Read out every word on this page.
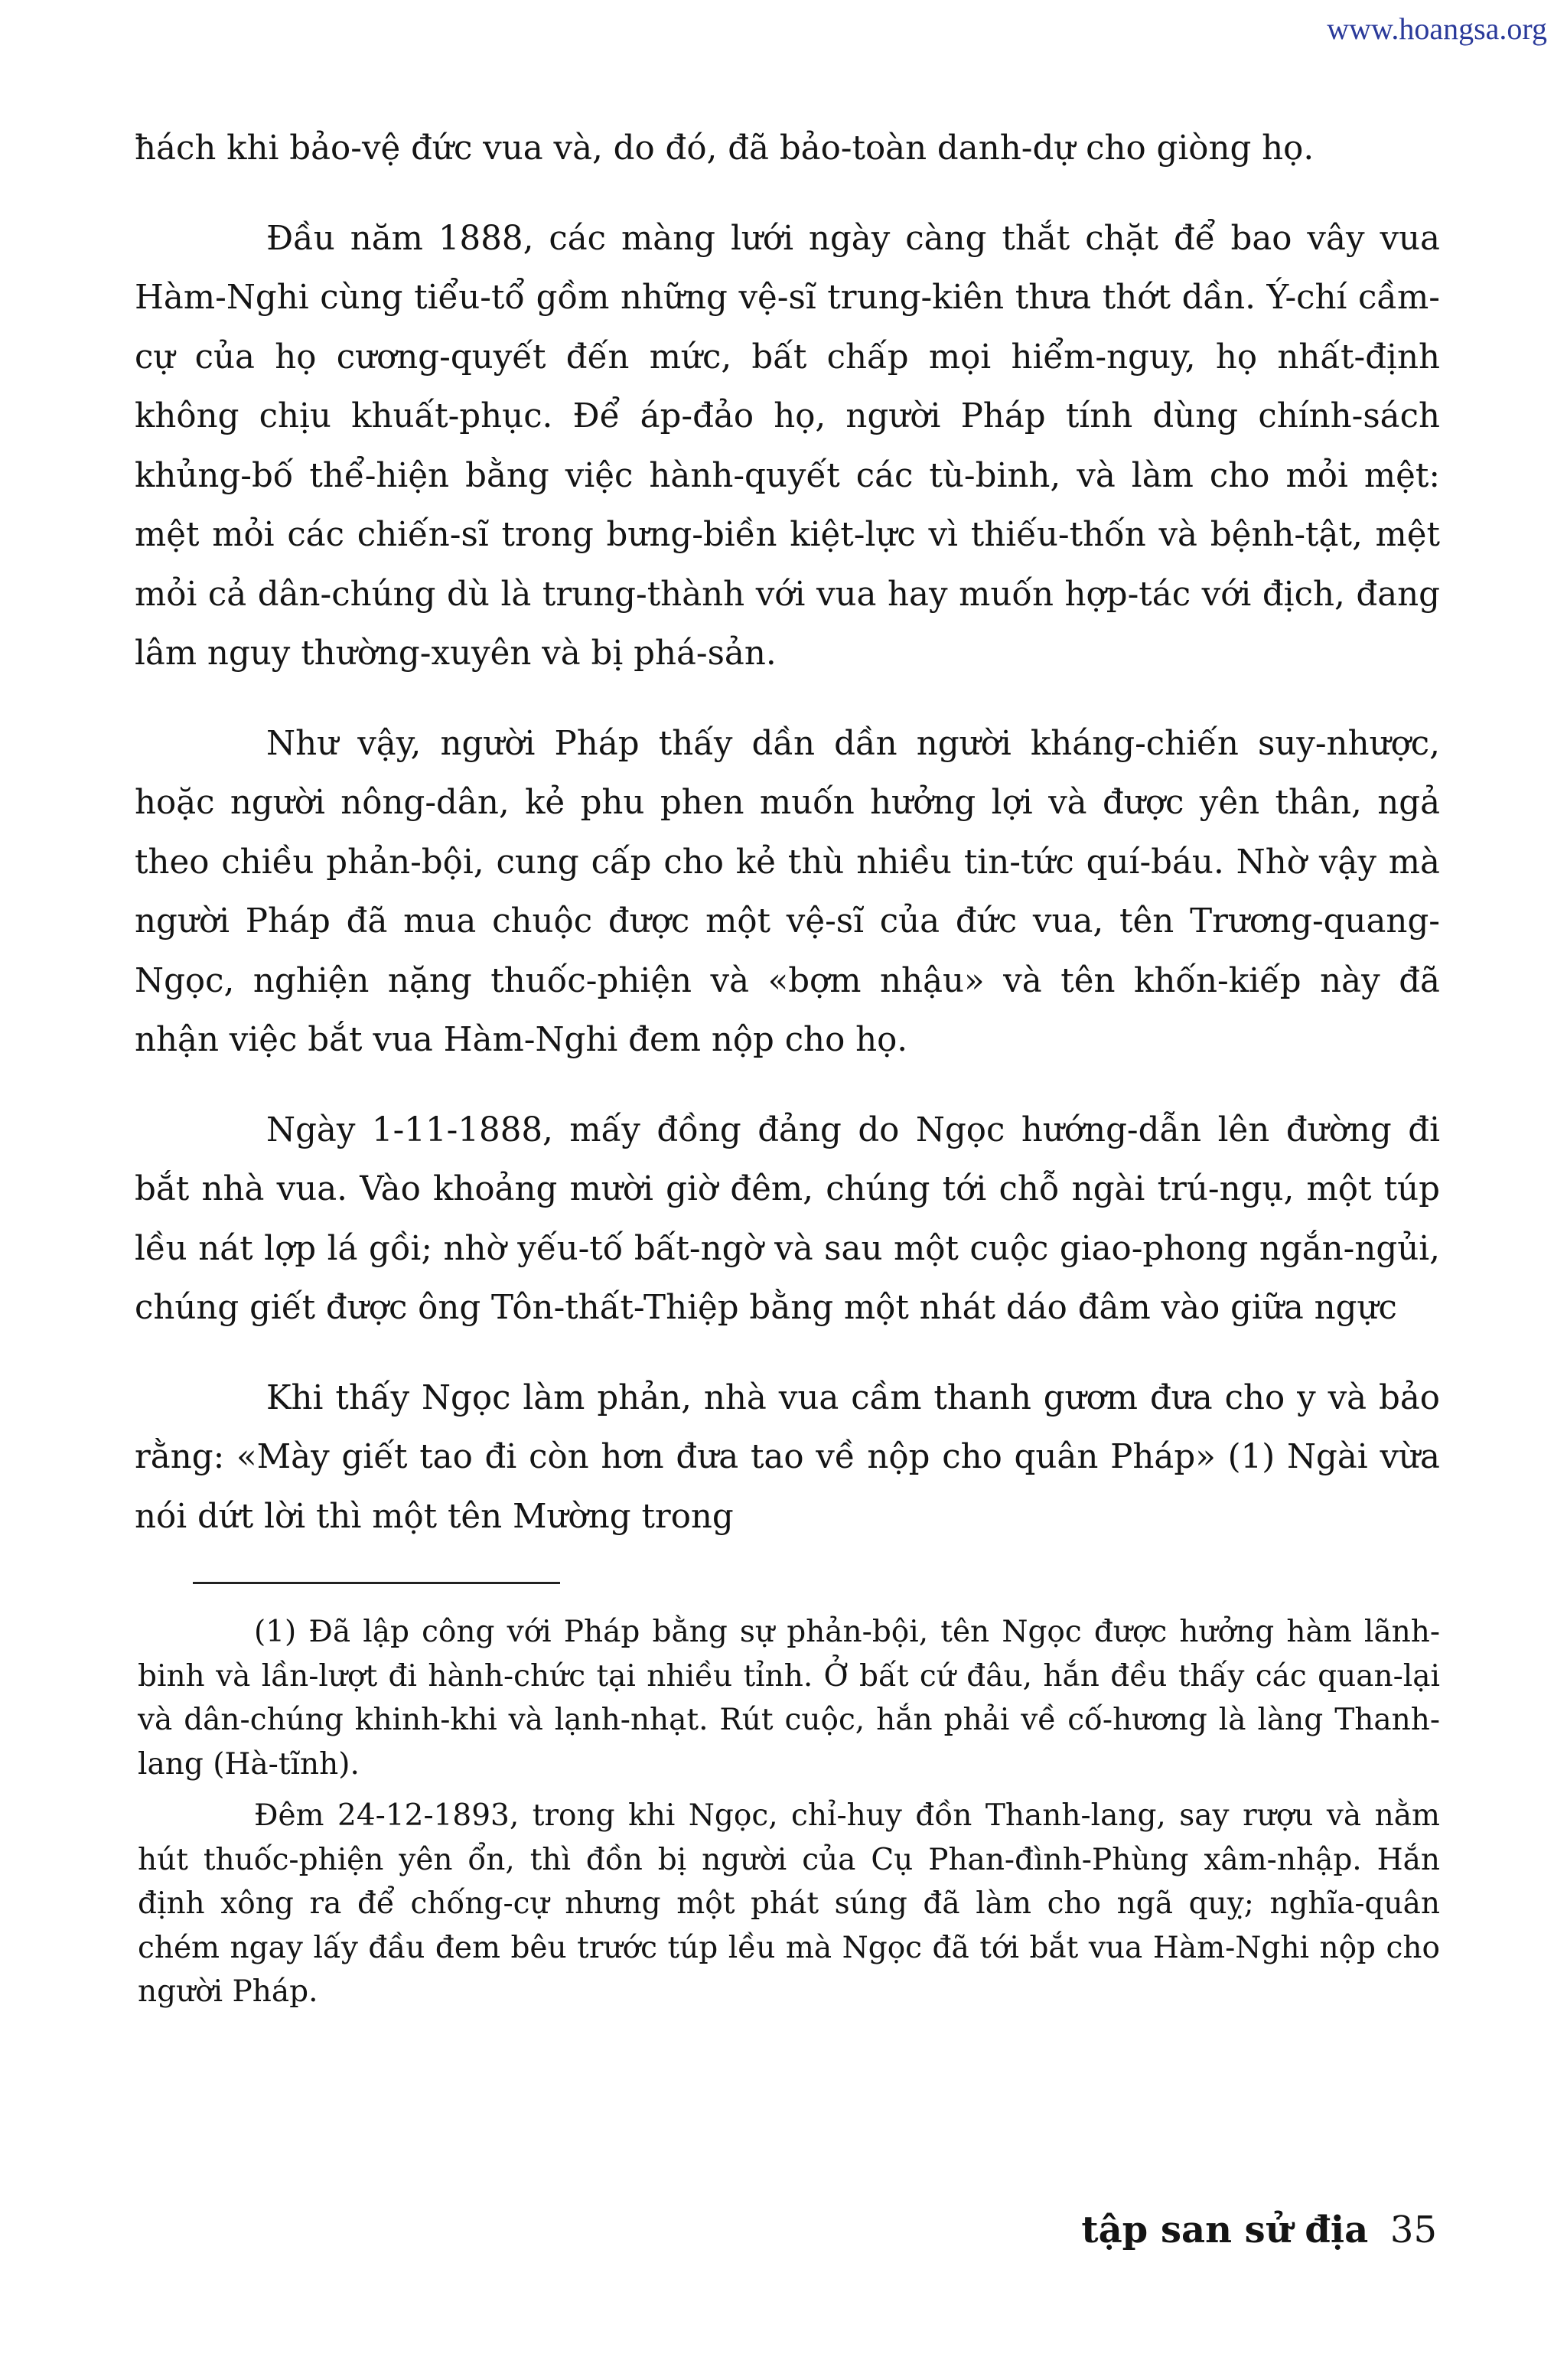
www.hoangsa.org

ħách khi bảo-vệ đức vua và, do đó, đã bảo-toàn danh-dự cho giòng họ.

Đầu năm 1888, các màng lưới ngày càng thắt chặt để bao vây vua Hàm-Nghi cùng tiểu-tổ gồm những vệ-sĩ trung-kiên thưa thớt dần. Ý-chí cầm-cự của họ cương-quyết đến mức, bất chấp mọi hiểm-nguy, họ nhất-định không chịu khuất-phục. Để áp-đảo họ, người Pháp tính dùng chính-sách khủng-bố thể-hiện bằng việc hành-quyết các tù-binh, và làm cho mỏi mệt: mệt mỏi các chiến-sĩ trong bưng-biền kiệt-lực vì thiếu-thốn và bệnh-tật, mệt mỏi cả dân-chúng dù là trung-thành với vua hay muốn hợp-tác với địch, đang lâm nguy thường-xuyên và bị phá-sản.

Như vậy, người Pháp thấy dần dần người kháng-chiến suy-nhược, hoặc người nông-dân, kẻ phu phen muốn hưởng lợi và được yên thân, ngả theo chiều phản-bội, cung cấp cho kẻ thù nhiều tin-tức quí-báu. Nhờ vậy mà người Pháp đã mua chuộc được một vệ-sĩ của đức vua, tên Trương-quang-Ngọc, nghiện nặng thuốc-phiện và «bợm nhậu» và tên khốn-kiếp này đã nhận việc bắt vua Hàm-Nghi đem nộp cho họ.

Ngày 1-11-1888, mấy đồng đảng do Ngọc hướng-dẫn lên đường đi bắt nhà vua. Vào khoảng mười giờ đêm, chúng tới chỗ ngài trú-ngụ, một túp lều nát lợp lá gồi; nhờ yếu-tố bất-ngờ và sau một cuộc giao-phong ngắn-ngủi, chúng giết được ông Tôn-thất-Thiệp bằng một nhát dáo đâm vào giữa ngực

Khi thấy Ngọc làm phản, nhà vua cầm thanh gươm đưa cho y và bảo rằng: «Mày giết tao đi còn hơn đưa tao về nộp cho quân Pháp» (1) Ngài vừa nói dứt lời thì một tên Mường trong

(1) Đã lập công với Pháp bằng sự phản-bội, tên Ngọc được hưởng hàm lãnh-binh và lần-lượt đi hành-chức tại nhiều tỉnh. Ở bất cứ đâu, hắn đều thấy các quan-lại và dân-chúng khinh-khi và lạnh-nhạt. Rút cuộc, hắn phải về cố-hương là làng Thanh-lang (Hà-tĩnh).

Đêm 24-12-1893, trong khi Ngọc, chỉ-huy đồn Thanh-lang, say rượu và nằm hút thuốc-phiện yên ổn, thì đồn bị người của Cụ Phan-đình-Phùng xâm-nhập. Hắn định xông ra để chống-cự nhưng một phát súng đã làm cho ngã quỵ; nghĩa-quân chém ngay lấy đầu đem bêu trước túp lều mà Ngọc đã tới bắt vua Hàm-Nghi nộp cho người Pháp.

tập san sử địa 35
